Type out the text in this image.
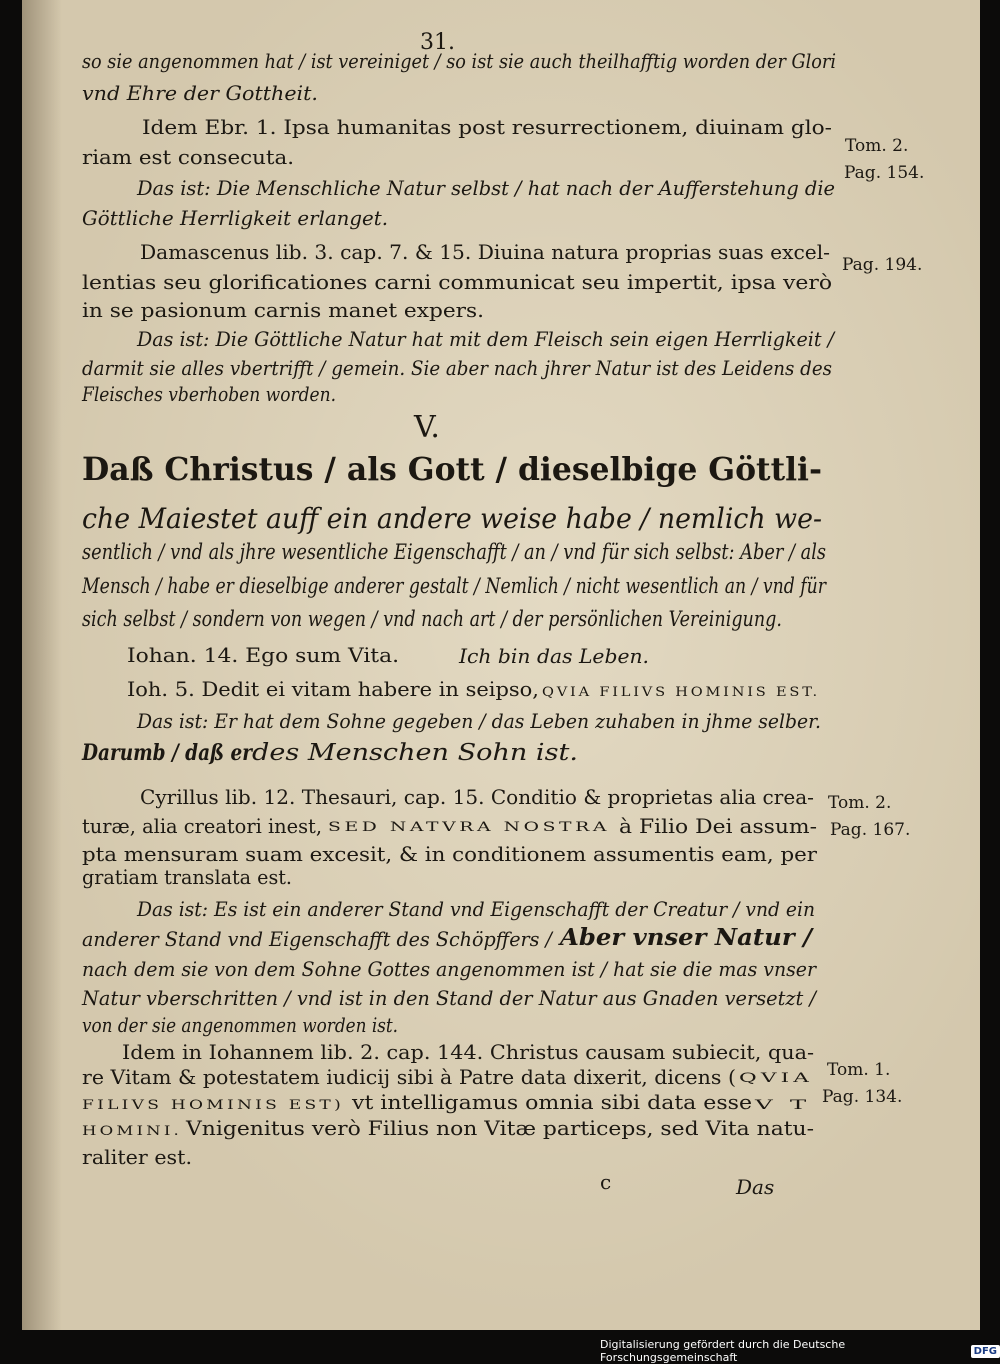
31.
so sie angenommen hat / ist vereiniget / so ist sie auch theilhafftig worden der Glori
vnd Ehre der Gottheit.
Idem Ebr. 1. Ipsa humanitas post resurrectionem, diuinam glo-
riam est consecuta.
Das ist: Die Menschliche Natur selbst / hat nach der Aufferstehung die
Göttliche Herrligkeit erlanget.
Damascenus lib. 3. cap. 7. & 15. Diuina natura proprias suas excel-
lentias seu glorificationes carni communicat seu impertit, ipsa verò
in se pasionum carnis manet expers.
Das ist: Die Göttliche Natur hat mit dem Fleisch sein eigen Herrligkeit /
darmit sie alles vbertrifft / gemein. Sie aber nach jhrer Natur ist des Leidens des
Fleisches vberhoben worden.
Daß Christus / als Gott / dieselbige Göttli-
che Maiestet auff ein andere weise habe / nemlich we-
sentlich / vnd als jhre wesentliche Eigenschafft / an / vnd für sich selbst: Aber / als
Mensch / habe er dieselbige anderer gestalt / Nemlich / nicht wesentlich an / vnd für
sich selbst / sondern von wegen / vnd nach art / der persönlichen Vereinigung.
Iohan. 14. Ego sum Vita.	Ich bin das Leben.
Ioh. 5. Dedit ei vitam habere in seipso, QVIA FILIVS HOMINIS EST.
Das ist: Er hat dem Sohne gegeben / das Leben zuhaben in jhme selber.
Darumb / daß er des Menschen Sohn ist.
Cyrillus lib. 12. Thesauri, cap. 15. Conditio & proprietas alia crea-
turæ, alia creatori inest, SED NATVRA NOSTRA à Filio Dei assum-
pta mensuram suam excesit, & in conditionem assumentis eam, per
gratiam translata est.
Das ist: Es ist ein anderer Stand vnd Eigenschafft der Creatur / vnd ein
anderer Stand vnd Eigenschafft des Schöpffers / Aber vnser Natur /
nach dem sie von dem Sohne Gottes angenommen ist / hat sie die mas vnser
Natur vberschritten / vnd ist in den Stand der Natur aus Gnaden versetzt /
von der sie angenommen worden ist.
Idem in Iohannem lib. 2. cap. 144. Christus causam subiecit, qua-
re Vitam & potestatem iudicij sibi à Patre data dixerit, dicens ( QVIA
FILIVS HOMINIS EST) vt intelligamus omnia sibi data esse V T
HOMINI. Vnigenitus verò Filius non Vitæ particeps, sed Vita natu-
raliter est.
V.
Tom. 2.
Pag. 154.
Pag. 194.
Tom. 2.
Pag. 167.
Tom. 1.
Pag. 134.
c	Das
Digitalisierung gefördert durch die Deutsche Forschungsgemeinschaft	DFG
